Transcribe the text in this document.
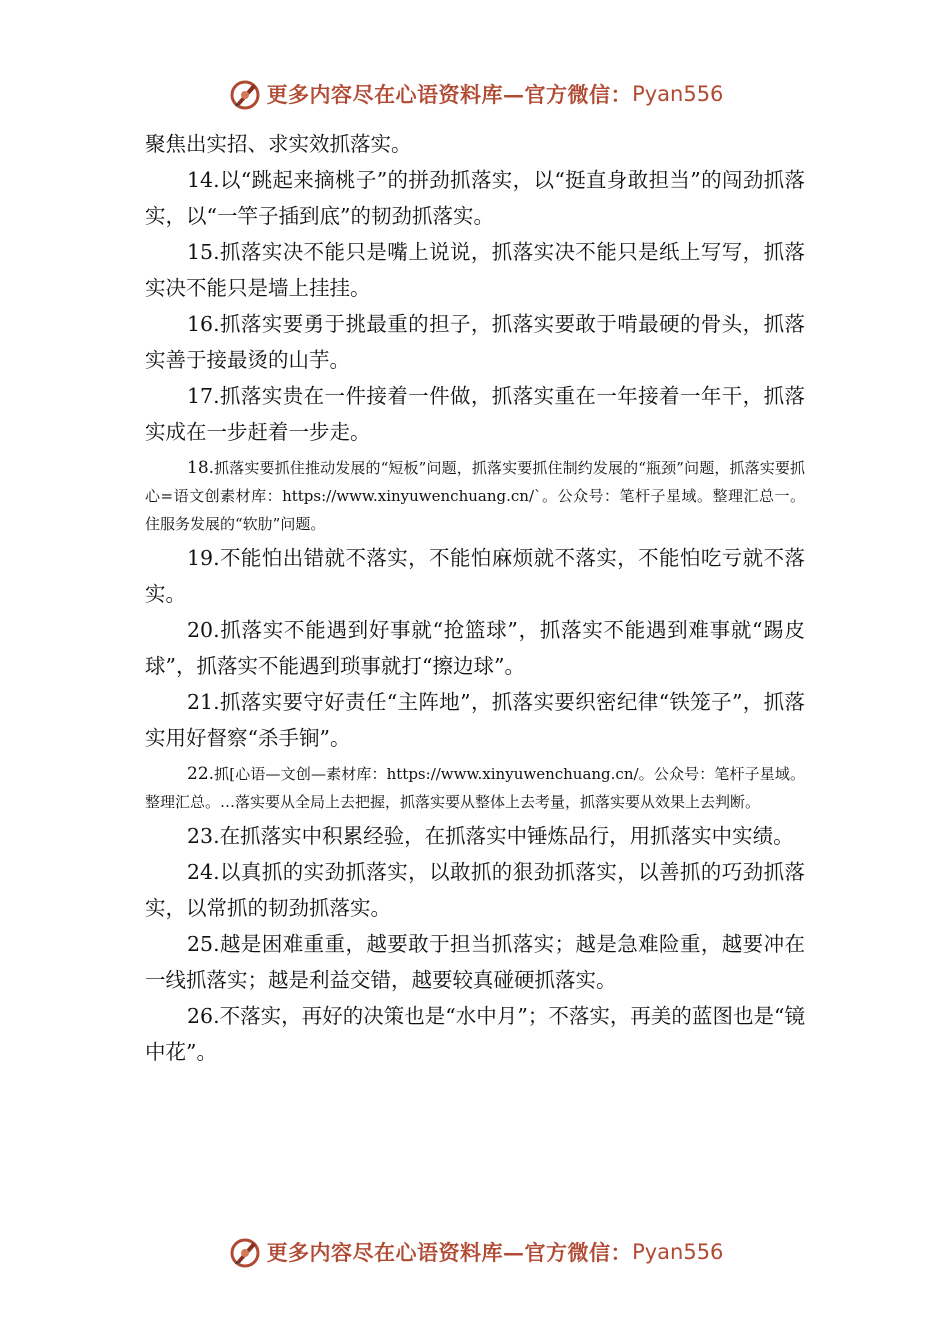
更多内容尽在心语资料库—官方微信： Pyan556

聚焦出实招、求实效抓落实。

14.以“跳起来摘桃子”的拼劲抓落实，以“挺直身敢担当”的闯劲抓落实，以“一竿子插到底”的韧劲抓落实。

15.抓落实决不能只是嘴上说说，抓落实决不能只是纸上写写，抓落实决不能只是墙上挂挂。

16.抓落实要勇于挑最重的担子，抓落实要敢于啃最硬的骨头，抓落实善于接最烫的山芋。

17.抓落实贵在一件接着一件做，抓落实重在一年接着一年干，抓落实成在一步赶着一步走。

18.抓落实要抓住推动发展的“短板”问题，抓落实要抓住制约发展的“瓶颈”问题，抓落实要抓心=语文创素材库：https://www.xinyuwenchuang.cn/`。公众号：笔杆子星域。整理汇总一。住服务发展的“软肋”问题。

19.不能怕出错就不落实，不能怕麻烦就不落实，不能怕吃亏就不落实。

20.抓落实不能遇到好事就“抢篮球”，抓落实不能遇到难事就“踢皮球”，抓落实不能遇到琐事就打“擦边球”。

21.抓落实要守好责任“主阵地”，抓落实要织密纪律“铁笼子”，抓落实用好督察“杀手锏”。

22.抓[心语—文创—素材库：https://www.xinyuwenchuang.cn/。公众号：笔杆子星域。整理汇总。…落实要从全局上去把握，抓落实要从整体上去考量，抓落实要从效果上去判断。

23.在抓落实中积累经验，在抓落实中锤炼品行，用抓落实中实绩。

24.以真抓的实劲抓落实，以敢抓的狠劲抓落实，以善抓的巧劲抓落实，以常抓的韧劲抓落实。

25.越是困难重重，越要敢于担当抓落实；越是急难险重，越要冲在一线抓落实；越是利益交错，越要较真碰硬抓落实。

26.不落实，再好的决策也是“水中月”；不落实，再美的蓝图也是“镜中花”。

更多内容尽在心语资料库—官方微信： Pyan556
